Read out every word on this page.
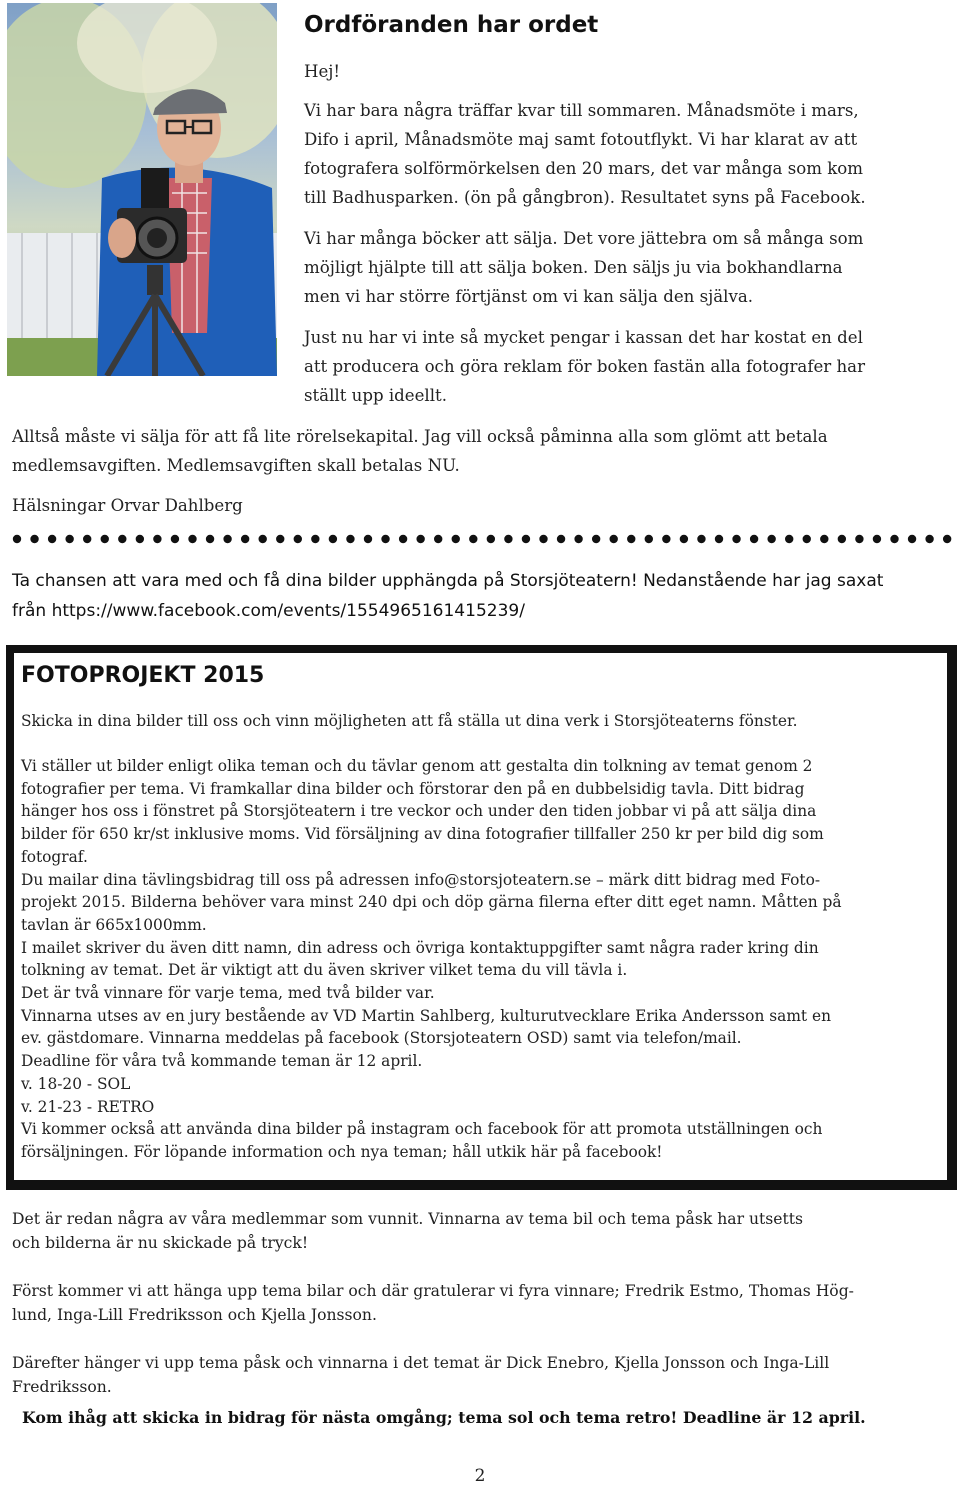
Ordföranden har ordet

Hej!

Vi har bara några träffar kvar till sommaren. Månadsmöte i mars,
Difo i april, Månadsmöte maj samt fotoutflykt. Vi har klarat av att
fotografera solförmörkelsen den 20 mars, det var många som kom
till Badhusparken. (ön på gångbron). Resultatet syns på Facebook.
Vi har många böcker att sälja. Det vore jättebra om så många som
möjligt hjälpte till att sälja boken. Den säljs ju via bokhandlarna
men vi har större förtjänst om vi kan sälja den själva.
Just nu har vi inte så mycket pengar i kassan det har kostat en del
att producera och göra reklam för boken fastän alla fotografer har
ställt upp ideellt.
Alltså måste vi sälja för att få lite rörelsekapital. Jag vill också påminna alla som glömt att betala
medlemsavgiften. Medlemsavgiften skall betalas NU.
Hälsningar Orvar Dahlberg
Ta chansen att vara med och få dina bilder upphängda på Storsjöteatern! Nedanstående har jag saxat
från https://www.facebook.com/events/1554965161415239/
FOTOPROJEKT 2015
Skicka in dina bilder till oss och vinn möjligheten att få ställa ut dina verk i Storsjöteaterns fönster.
Vi ställer ut bilder enligt olika teman och du tävlar genom att gestalta din tolkning av temat genom 2
fotografier per tema. Vi framkallar dina bilder och förstorar den på en dubbelsidig tavla. Ditt bidrag
hänger hos oss i fönstret på Storsjöteatern i tre veckor och under den tiden jobbar vi på att sälja dina
bilder för 650 kr/st inklusive moms. Vid försäljning av dina fotografier tillfaller 250 kr per bild dig som
fotograf.
Du mailar dina tävlingsbidrag till oss på adressen info@storsjoteatern.se – märk ditt bidrag med Foto-
projekt 2015. Bilderna behöver vara minst 240 dpi och döp gärna filerna efter ditt eget namn. Måtten på
tavlan är 665x1000mm.
I mailet skriver du även ditt namn, din adress och övriga kontaktuppgifter samt några rader kring din
tolkning av temat. Det är viktigt att du även skriver vilket tema du vill tävla i.
Det är två vinnare för varje tema, med två bilder var.
Vinnarna utses av en jury bestående av VD Martin Sahlberg, kulturutvecklare Erika Andersson samt en
ev. gästdomare. Vinnarna meddelas på facebook (Storsjoteatern OSD) samt via telefon/mail.
Deadline för våra två kommande teman är 12 april.
v. 18-20 - SOL
v. 21-23 - RETRO
Vi kommer också att använda dina bilder på instagram och facebook för att promota utställningen och
försäljningen. För löpande information och nya teman; håll utkik här på facebook!
Det är redan några av våra medlemmar som vunnit. Vinnarna av tema bil och tema påsk har utsetts
och bilderna är nu skickade på tryck!
Först kommer vi att hänga upp tema bilar och där gratulerar vi fyra vinnare; Fredrik Estmo, Thomas Hög-
lund, Inga-Lill Fredriksson och Kjella Jonsson.
Därefter hänger vi upp tema påsk och vinnarna i det temat är Dick Enebro, Kjella Jonsson och Inga-Lill
Fredriksson.
Kom ihåg att skicka in bidrag för nästa omgång; tema sol och tema retro! Deadline är 12 april.
2
